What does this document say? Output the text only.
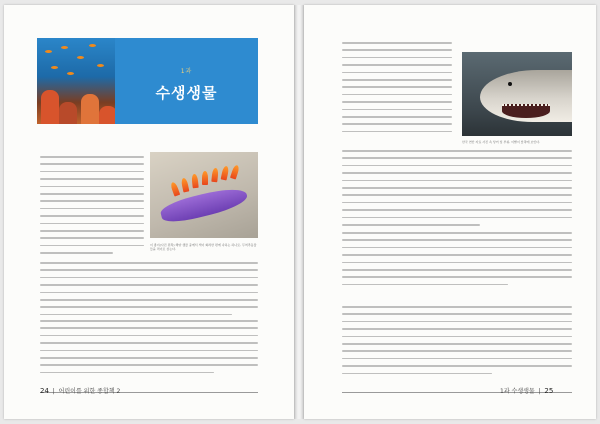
1과
수생생물
이 종이(사진 왼쪽) 해양 생물 중에서 색이 화려한 편에 속하는 하나로, 무척추동물들을 먹이로 삼는다.
24  |  어린이를 위한 종합책 2
한국 연안 자료 사진 속 상어 입 부위, 이빨이 앞쪽에 보인다.
1과 수생생물  |  25
